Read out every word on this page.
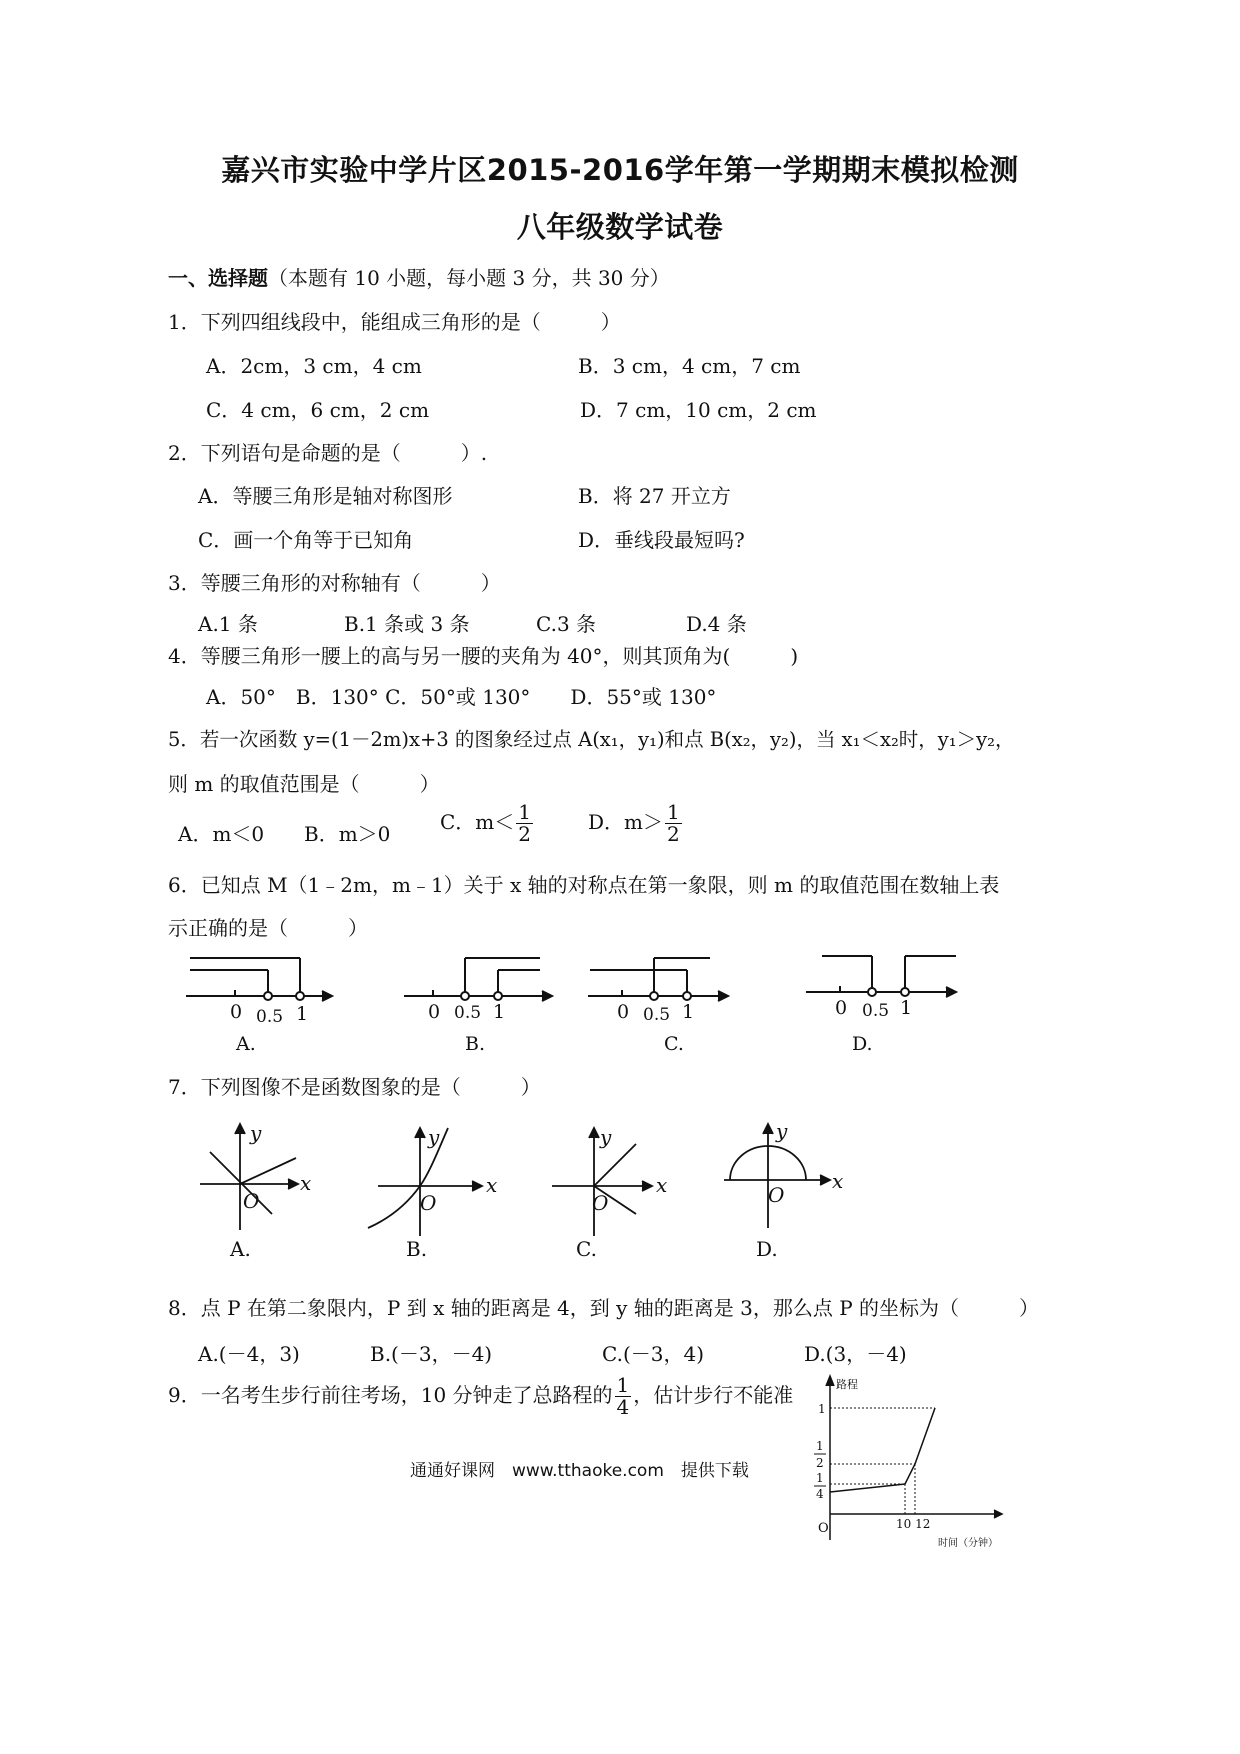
嘉兴市实验中学片区2015-2016学年第一学期期末模拟检测
八年级数学试卷
一、选择题（本题有 10 小题，每小题 3 分，共 30 分）
1．下列四组线段中，能组成三角形的是（　　　）
A．2cm，3 cm，4 cm	B．3 cm，4 cm，7 cm
C．4 cm，6 cm，2 cm	D．7 cm，10 cm，2 cm
2．下列语句是命题的是（　　　）.
A．等腰三角形是轴对称图形	B．将 27 开立方
C．画一个角等于已知角	D．垂线段最短吗?
3．等腰三角形的对称轴有（　　　）
A.1 条	B.1 条或 3 条	C.3 条	D.4 条
4．等腰三角形一腰上的高与另一腰的夹角为 40°，则其顶角为(　　　)
A．50°　B．130° C．50°或 130°　　D．55°或 130°
5．若一次函数 y=(1－2m)x+3 的图象经过点 A(x₁，y₁)和点 B(x₂，y₂)，当 x₁＜x₂时，y₁＞y₂，
则 m 的取值范围是（　　　）
A．m＜0 B．m＞0 C．$m< \frac{1}{2}$	D．$m> \frac{1}{2}$
6．已知点 M（1﹣2m，m﹣1）关于 x 轴的对称点在第一象限，则 m 的取值范围在数轴上表
示正确的是（　　　）
0 0.5 1	0 0.5 1	0 0.5 1	0 0.5 1
A.	B.	C.	D.
7．下列图像不是函数图象的是（　　　）
y
x
O
y
x
O
y
x
O
y
x
O
A.	B.	C.	D.
8．点 P 在第二象限内，P 到 x 轴的距离是 4，到 y 轴的距离是 3，那么点 P 的坐标为（　　　）
A.(－4，3)	B.(－3，－4)	C.(－3，4)	D.(3，－4)
9．一名考生步行前往考场，10 分钟走了总路程的 $\frac{1}{4}$ ，估计步行不能准	路程
1
1
2
1
4
O	10 12
时间（分钟）
通通好课网　www.tthaoke.com　提供下载
